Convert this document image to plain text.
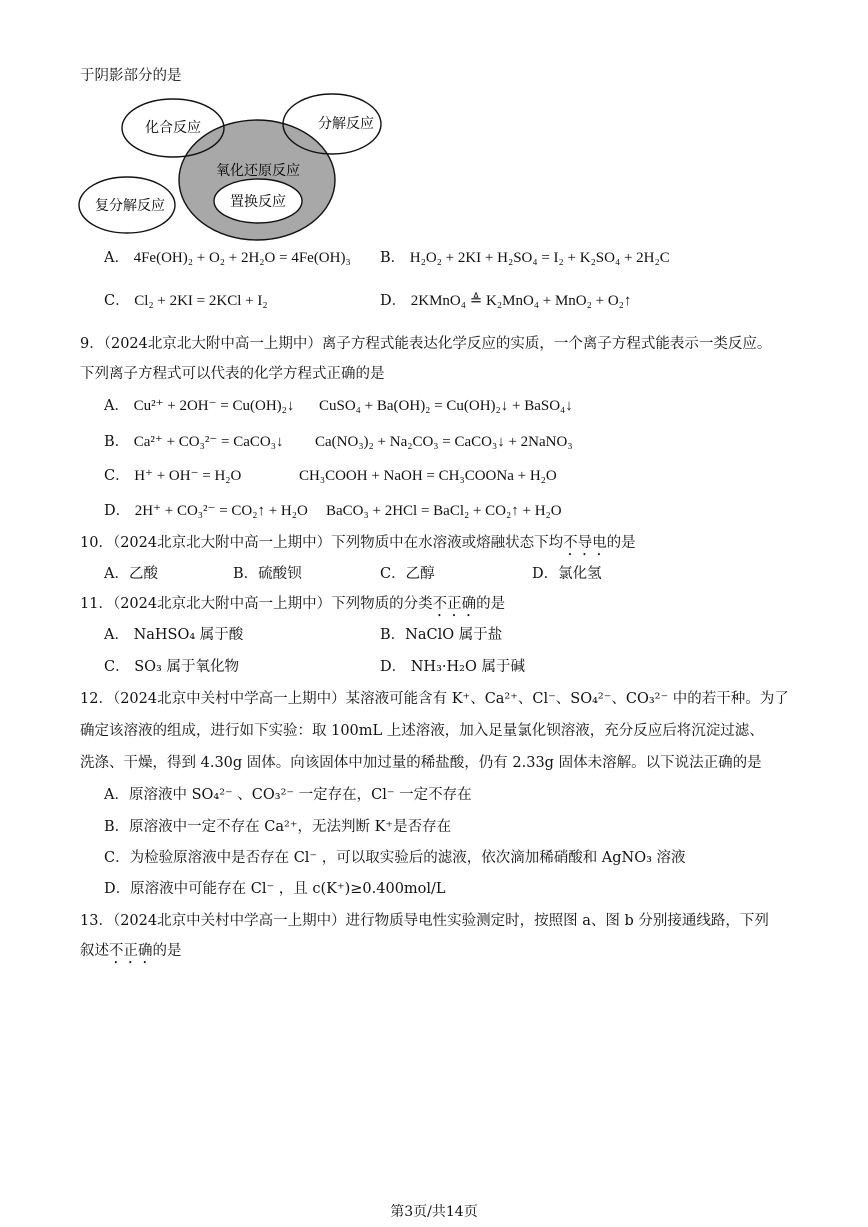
于阴影部分的是
化合反应	分解反应
氧化还原反应
复分解反应	置换反应
A． 4Fe(OH)₂ + O₂ + 2H₂O = 4Fe(OH)₃ B． H₂O₂ + 2KI + H₂SO₄ = I₂ + K₂SO₄ + 2H₂C
C． Cl₂ + 2KI = 2KCl + I₂	D． 2KMnO₄ ≜ K₂MnO₄ + MnO₂ + O₂↑
9．（2024北京北大附中高一上期中）离子方程式能表达化学反应的实质，一个离子方程式能表示一类反应。
下列离子方程式可以代表的化学方程式正确的是
A． Cu²⁺ + 2OH⁻ = Cu(OH)₂↓ CuSO₄ + Ba(OH)₂ = Cu(OH)₂↓ + BaSO₄↓
B． Ca²⁺ + CO₃²⁻ = CaCO₃↓ Ca(NO₃)₂ + Na₂CO₃ = CaCO₃↓ + 2NaNO₃
C． H⁺ + OH⁻ = H₂O	CH₃COOH + NaOH = CH₃COONa + H₂O
D． 2H⁺ + CO₃²⁻ = CO₂↑ + H₂O BaCO₃ + 2HCl = BaCl₂ + CO₂↑ + H₂O
10．（2024北京北大附中高一上期中）下列物质中在水溶液或熔融状态下均不导电的是
A．乙酸	B．硫酸钡	C．乙醇	D．氯化氢
11．（2024北京北大附中高一上期中）下列物质的分类不正确的是
A． NaHSO₄ 属于酸	B．NaClO 属于盐
C． SO₃ 属于氧化物	D． NH₃·H₂O 属于碱
12．（2024北京中关村中学高一上期中）某溶液可能含有 K⁺、Ca²⁺、Cl⁻、SO₄²⁻、CO₃²⁻ 中的若干种。为了
确定该溶液的组成，进行如下实验：取 100mL 上述溶液，加入足量氯化钡溶液，充分反应后将沉淀过滤、
洗涤、干燥，得到 4.30g 固体。向该固体中加过量的稀盐酸，仍有 2.33g 固体未溶解。以下说法正确的是
A．原溶液中 SO₄²⁻ 、CO₃²⁻ 一定存在，Cl⁻ 一定不存在
B．原溶液中一定不存在 Ca²⁺，无法判断 K⁺是否存在
C．为检验原溶液中是否存在 Cl⁻ ，可以取实验后的滤液，依次滴加稀硝酸和 AgNO₃ 溶液
D．原溶液中可能存在 Cl⁻ ，且 c(K⁺)≥0.400mol/L
13．（2024北京中关村中学高一上期中）进行物质导电性实验测定时，按照图 a、图 b 分别接通线路，下列
叙述不正确的是
第3页/共14页
